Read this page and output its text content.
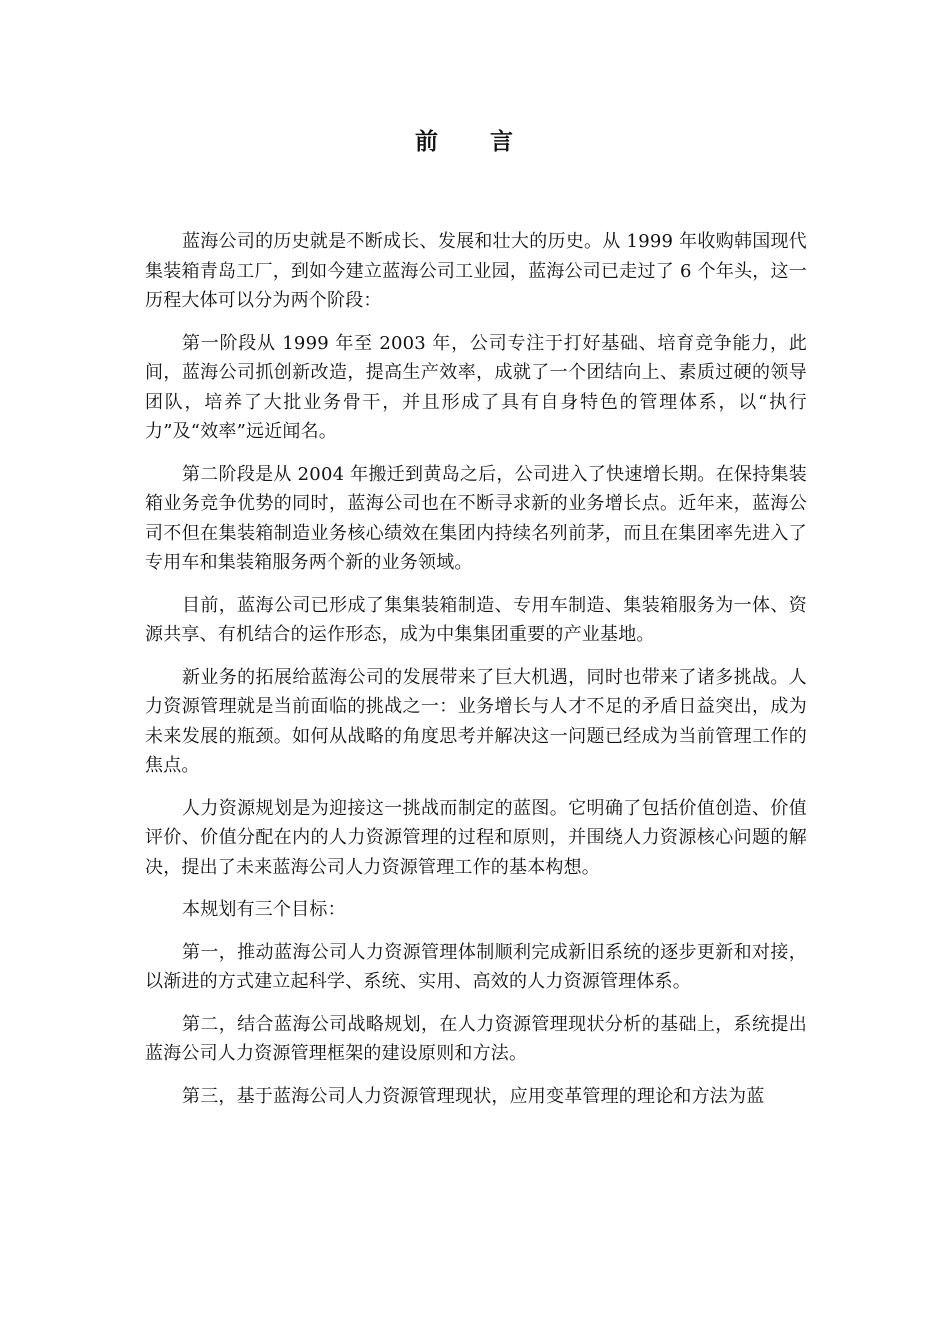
前 言

蓝海公司的历史就是不断成长、发展和壮大的历史。从 1999 年收购韩国现代集装箱青岛工厂，到如今建立蓝海公司工业园，蓝海公司已走过了 6 个年头，这一历程大体可以分为两个阶段：

第一阶段从 1999 年至 2003 年，公司专注于打好基础、培育竞争能力，此间，蓝海公司抓创新改造，提高生产效率，成就了一个团结向上、素质过硬的领导团队，培养了大批业务骨干，并且形成了具有自身特色的管理体系，以“执行力”及“效率”远近闻名。

第二阶段是从 2004 年搬迁到黄岛之后，公司进入了快速增长期。在保持集装箱业务竞争优势的同时，蓝海公司也在不断寻求新的业务增长点。近年来，蓝海公司不但在集装箱制造业务核心绩效在集团内持续名列前茅，而且在集团率先进入了专用车和集装箱服务两个新的业务领域。

目前，蓝海公司已形成了集集装箱制造、专用车制造、集装箱服务为一体、资源共享、有机结合的运作形态，成为中集集团重要的产业基地。

新业务的拓展给蓝海公司的发展带来了巨大机遇，同时也带来了诸多挑战。人力资源管理就是当前面临的挑战之一：业务增长与人才不足的矛盾日益突出，成为未来发展的瓶颈。如何从战略的角度思考并解决这一问题已经成为当前管理工作的焦点。

人力资源规划是为迎接这一挑战而制定的蓝图。它明确了包括价值创造、价值评价、价值分配在内的人力资源管理的过程和原则，并围绕人力资源核心问题的解决，提出了未来蓝海公司人力资源管理工作的基本构想。

本规划有三个目标：

第一，推动蓝海公司人力资源管理体制顺利完成新旧系统的逐步更新和对接，以渐进的方式建立起科学、系统、实用、高效的人力资源管理体系。

第二，结合蓝海公司战略规划，在人力资源管理现状分析的基础上，系统提出蓝海公司人力资源管理框架的建设原则和方法。

第三，基于蓝海公司人力资源管理现状，应用变革管理的理论和方法为蓝
